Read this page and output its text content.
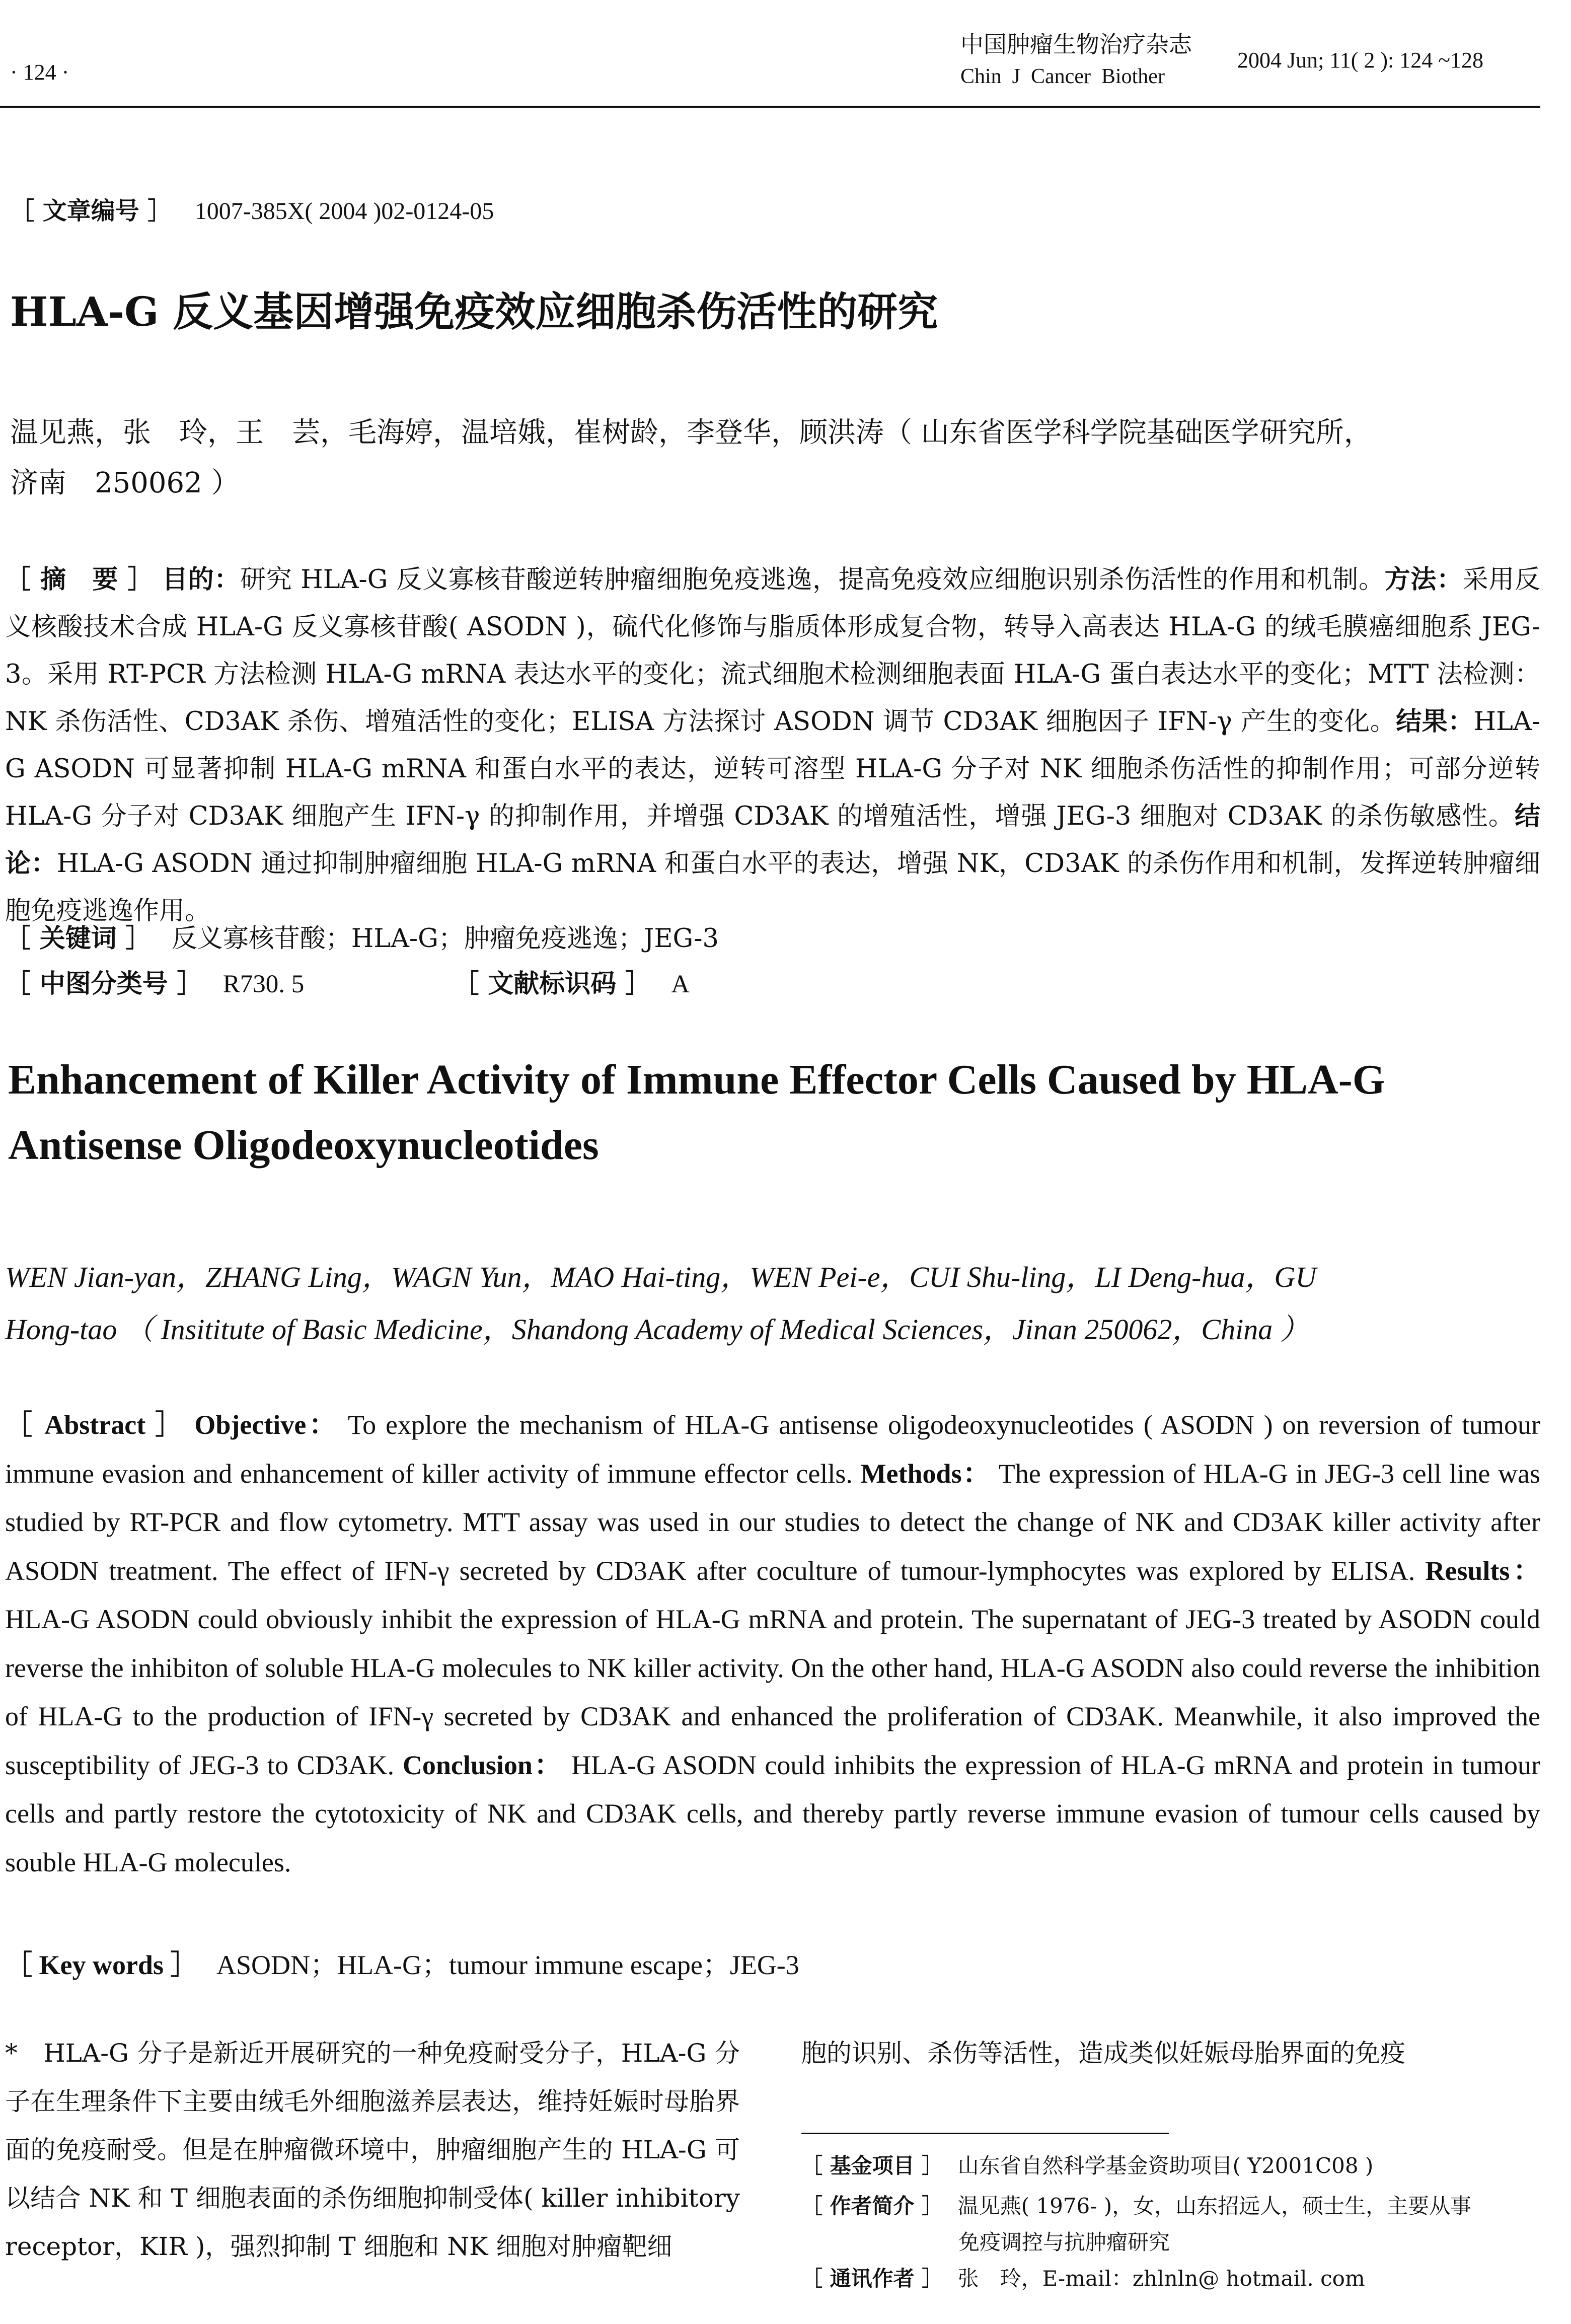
· 124 ·
中国肿瘤生物治疗杂志
Chin  J  Cancer  Biother
2004 Jun; 11( 2 ): 124 ~128
［ 文章编号 ］ 1007-385X( 2004 )02-0124-05
HLA-G 反义基因增强免疫效应细胞杀伤活性的研究
温见燕，张　玲，王　芸，毛海婷，温培娥，崔树龄，李登华，顾洪涛（ 山东省医学科学院基础医学研究所，
济南　250062 ）

［ 摘　要 ］ 目的：研究 HLA-G 反义寡核苷酸逆转肿瘤细胞免疫逃逸，提高免疫效应细胞识别杀伤活性的作用和机制。方法：采用反义核酸技术合成 HLA-G 反义寡核苷酸( ASODN )，硫代化修饰与脂质体形成复合物，转导入高表达 HLA-G 的绒毛膜癌细胞系 JEG-3。采用 RT-PCR 方法检测 HLA-G mRNA 表达水平的变化；流式细胞术检测细胞表面 HLA-G 蛋白表达水平的变化；MTT 法检测：NK 杀伤活性、CD3AK 杀伤、增殖活性的变化；ELISA 方法探讨 ASODN 调节 CD3AK 细胞因子 IFN-γ 产生的变化。结果：HLA-G ASODN 可显著抑制 HLA-G mRNA 和蛋白水平的表达，逆转可溶型 HLA-G 分子对 NK 细胞杀伤活性的抑制作用；可部分逆转 HLA-G 分子对 CD3AK 细胞产生 IFN-γ 的抑制作用，并增强 CD3AK 的增殖活性，增强 JEG-3 细胞对 CD3AK 的杀伤敏感性。结论：HLA-G ASODN 通过抑制肿瘤细胞 HLA-G mRNA 和蛋白水平的表达，增强 NK，CD3AK 的杀伤作用和机制，发挥逆转肿瘤细胞免疫逃逸作用。

［ 关键词 ］ 反义寡核苷酸；HLA-G；肿瘤免疫逃逸；JEG-3
［ 中图分类号 ］ R730. 5	［ 文献标识码 ］ A
Enhancement of Killer Activity of Immune Effector Cells Caused by HLA-G
Antisense Oligodeoxynucleotides
WEN Jian-yan，ZHANG Ling，WAGN Yun，MAO Hai-ting，WEN Pei-e，CUI Shu-ling，LI Deng-hua，GU
Hong-tao （ Insititute of Basic Medicine，Shandong Academy of Medical Sciences，Jinan 250062，China ）

［ Abstract ］ Objective： To explore the mechanism of HLA-G antisense oligodeoxynucleotides ( ASODN ) on reversion of tumour immune evasion and enhancement of killer activity of immune effector cells. Methods： The expression of HLA-G in JEG-3 cell line was studied by RT-PCR and flow cytometry. MTT assay was used in our studies to detect the change of NK and CD3AK killer activity after ASODN treatment. The effect of IFN-γ secreted by CD3AK after coculture of tumour-lymphocytes was explored by ELISA. Results： HLA-G ASODN could obviously inhibit the expression of HLA-G mRNA and protein. The supernatant of JEG-3 treated by ASODN could reverse the inhibiton of soluble HLA-G molecules to NK killer activity. On the other hand, HLA-G ASODN also could reverse the inhibition of HLA-G to the production of IFN-γ secreted by CD3AK and enhanced the proliferation of CD3AK. Meanwhile, it also improved the susceptibility of JEG-3 to CD3AK. Conclusion： HLA-G ASODN could inhibits the expression of HLA-G mRNA and protein in tumour cells and partly restore the cytotoxicity of NK and CD3AK cells, and thereby partly reverse immune evasion of tumour cells caused by souble HLA-G molecules.

［ Key words ］ ASODN；HLA-G；tumour immune escape；JEG-3

*　HLA-G 分子是新近开展研究的一种免疫耐受分子，HLA-G 分子在生理条件下主要由绒毛外细胞滋养层表达，维持妊娠时母胎界面的免疫耐受。但是在肿瘤微环境中，肿瘤细胞产生的 HLA-G 可以结合 NK 和 T 细胞表面的杀伤细胞抑制受体( killer inhibitory receptor，KIR )，强烈抑制 T 细胞和 NK 细胞对肿瘤靶细

胞的识别、杀伤等活性，造成类似妊娠母胎界面的免疫

［ 基金项目 ］ 山东省自然科学基金资助项目( Y2001C08 )
［ 作者简介 ］ 温见燕( 1976- )，女，山东招远人，硕士生，主要从事
免疫调控与抗肿瘤研究
［ 通讯作者 ］ 张　玲，E-mail：zhlnln@ hotmail. com
